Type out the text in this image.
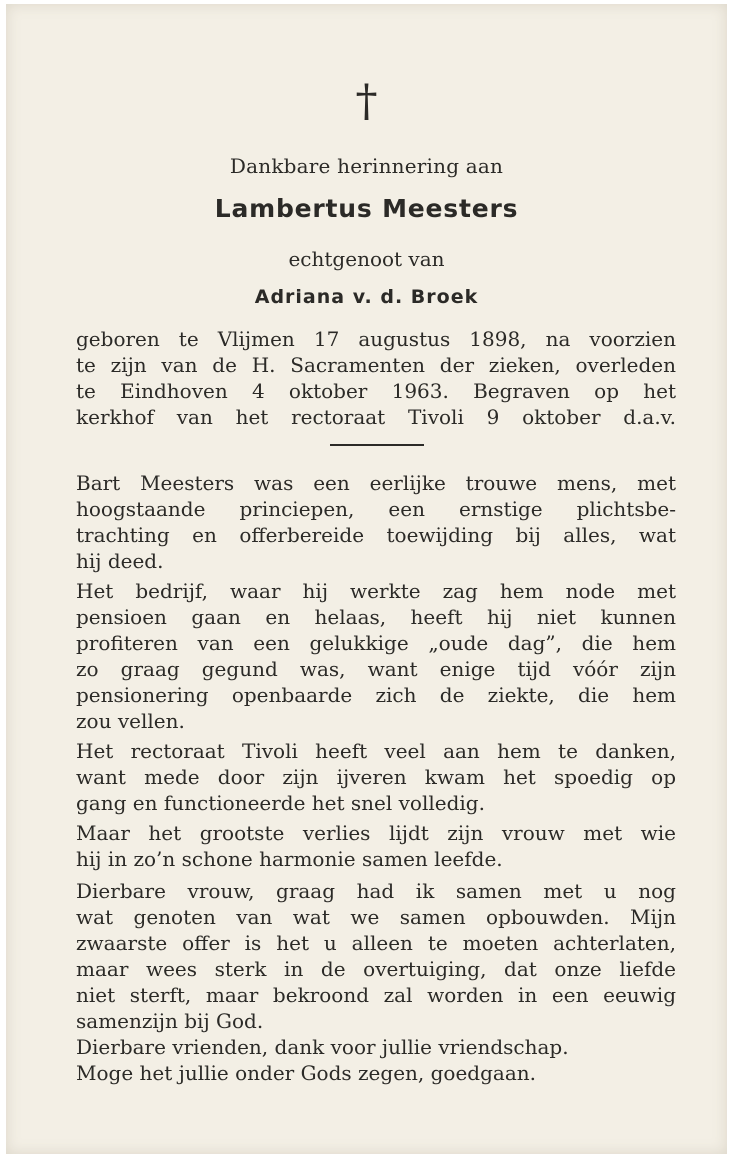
†
Dankbare herinnering aan
Lambertus Meesters
echtgenoot van
Adriana v. d. Broek
geboren te Vlijmen 17 augustus 1898, na voorzien
te zijn van de H. Sacramenten der zieken, overleden
te Eindhoven 4 oktober 1963. Begraven op het
kerkhof van het rectoraat Tivoli 9 oktober d.a.v.
Bart Meesters was een eerlijke trouwe mens, met
hoogstaande princiepen, een ernstige plichtsbe-
trachting en offerbereide toewijding bij alles, wat
hij deed.
Het bedrijf, waar hij werkte zag hem node met
pensioen gaan en helaas, heeft hij niet kunnen
profiteren van een gelukkige „oude dag”, die hem
zo graag gegund was, want enige tijd vóór zijn
pensionering openbaarde zich de ziekte, die hem
zou vellen.
Het rectoraat Tivoli heeft veel aan hem te danken,
want mede door zijn ijveren kwam het spoedig op
gang en functioneerde het snel volledig.
Maar het grootste verlies lijdt zijn vrouw met wie
hij in zo’n schone harmonie samen leefde.
Dierbare vrouw, graag had ik samen met u nog
wat genoten van wat we samen opbouwden. Mijn
zwaarste offer is het u alleen te moeten achterlaten,
maar wees sterk in de overtuiging, dat onze liefde
niet sterft, maar bekroond zal worden in een eeuwig
samenzijn bij God.
Dierbare vrienden, dank voor jullie vriendschap.
Moge het jullie onder Gods zegen, goedgaan.
